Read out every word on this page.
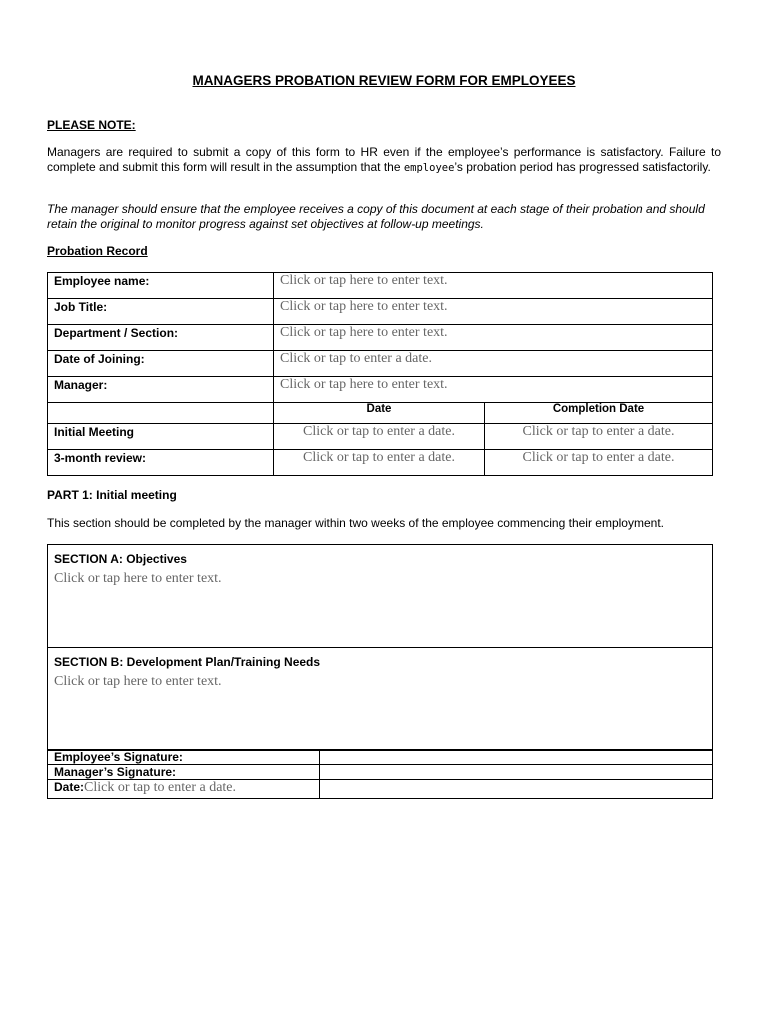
MANAGERS PROBATION REVIEW FORM FOR EMPLOYEES
PLEASE NOTE:
Managers are required to submit a copy of this form to HR even if the employee’s performance is satisfactory. Failure to complete and submit this form will result in the assumption that the employee’s probation period has progressed satisfactorily.
The manager should ensure that the employee receives a copy of this document at each stage of their probation and should retain the original to monitor progress against set objectives at follow-up meetings.
Probation Record
Employee name:	Click or tap here to enter text.	
Job Title:	Click or tap here to enter text.	
Department / Section:	Click or tap here to enter text.	
Date of Joining:	Click or tap to enter a date.	
Manager:	Click or tap here to enter text.	
	Date	Completion Date
Initial Meeting	Click or tap to enter a date.	Click or tap to enter a date.
3-month review:	Click or tap to enter a date.	Click or tap to enter a date.
PART 1: Initial meeting
This section should be completed by the manager within two weeks of the employee commencing their employment.
SECTION A: Objectives
Click or tap here to enter text.

SECTION B: Development Plan/Training Needs
Click or tap here to enter text.
Employee’s Signature:	
Manager’s Signature:	
Date:Click or tap to enter a date.	
